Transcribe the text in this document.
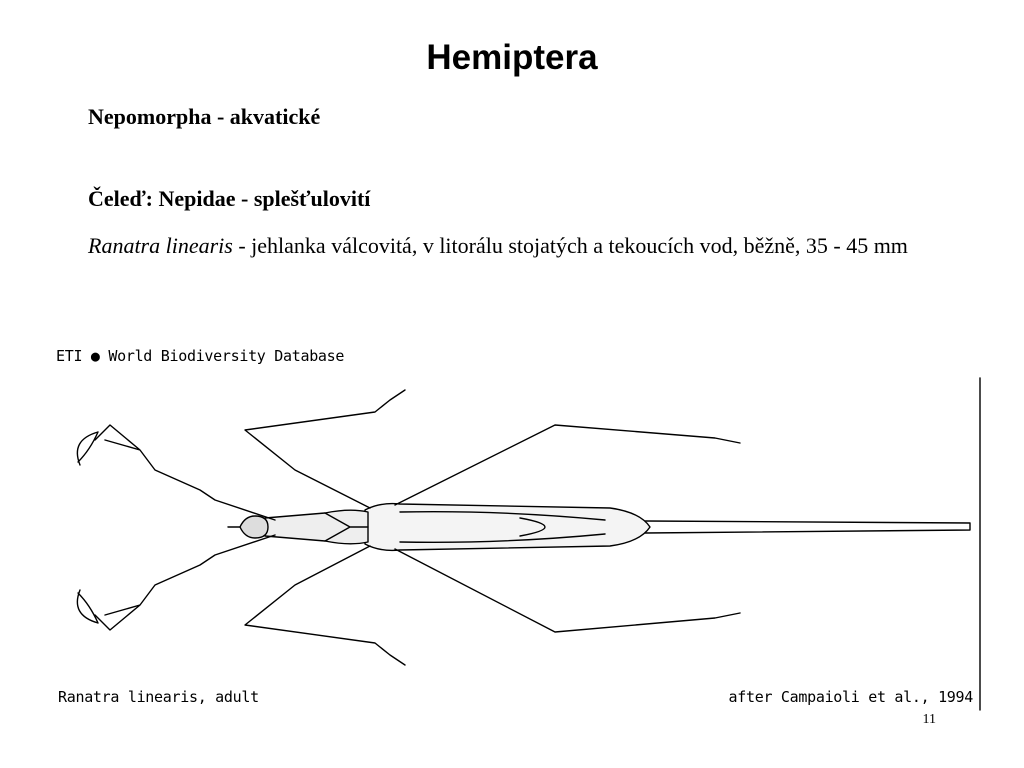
Hemiptera

Nepomorpha - akvatické

Čeleď: Nepidae - splešťulovití

Ranatra linearis - jehlanka válcovitá, v litorálu stojatých a tekoucích vod, běžně, 35 - 45 mm

ETI ● World Biodiversity Database
Ranatra linearis, adult	after Campaioli et al., 1994
11
